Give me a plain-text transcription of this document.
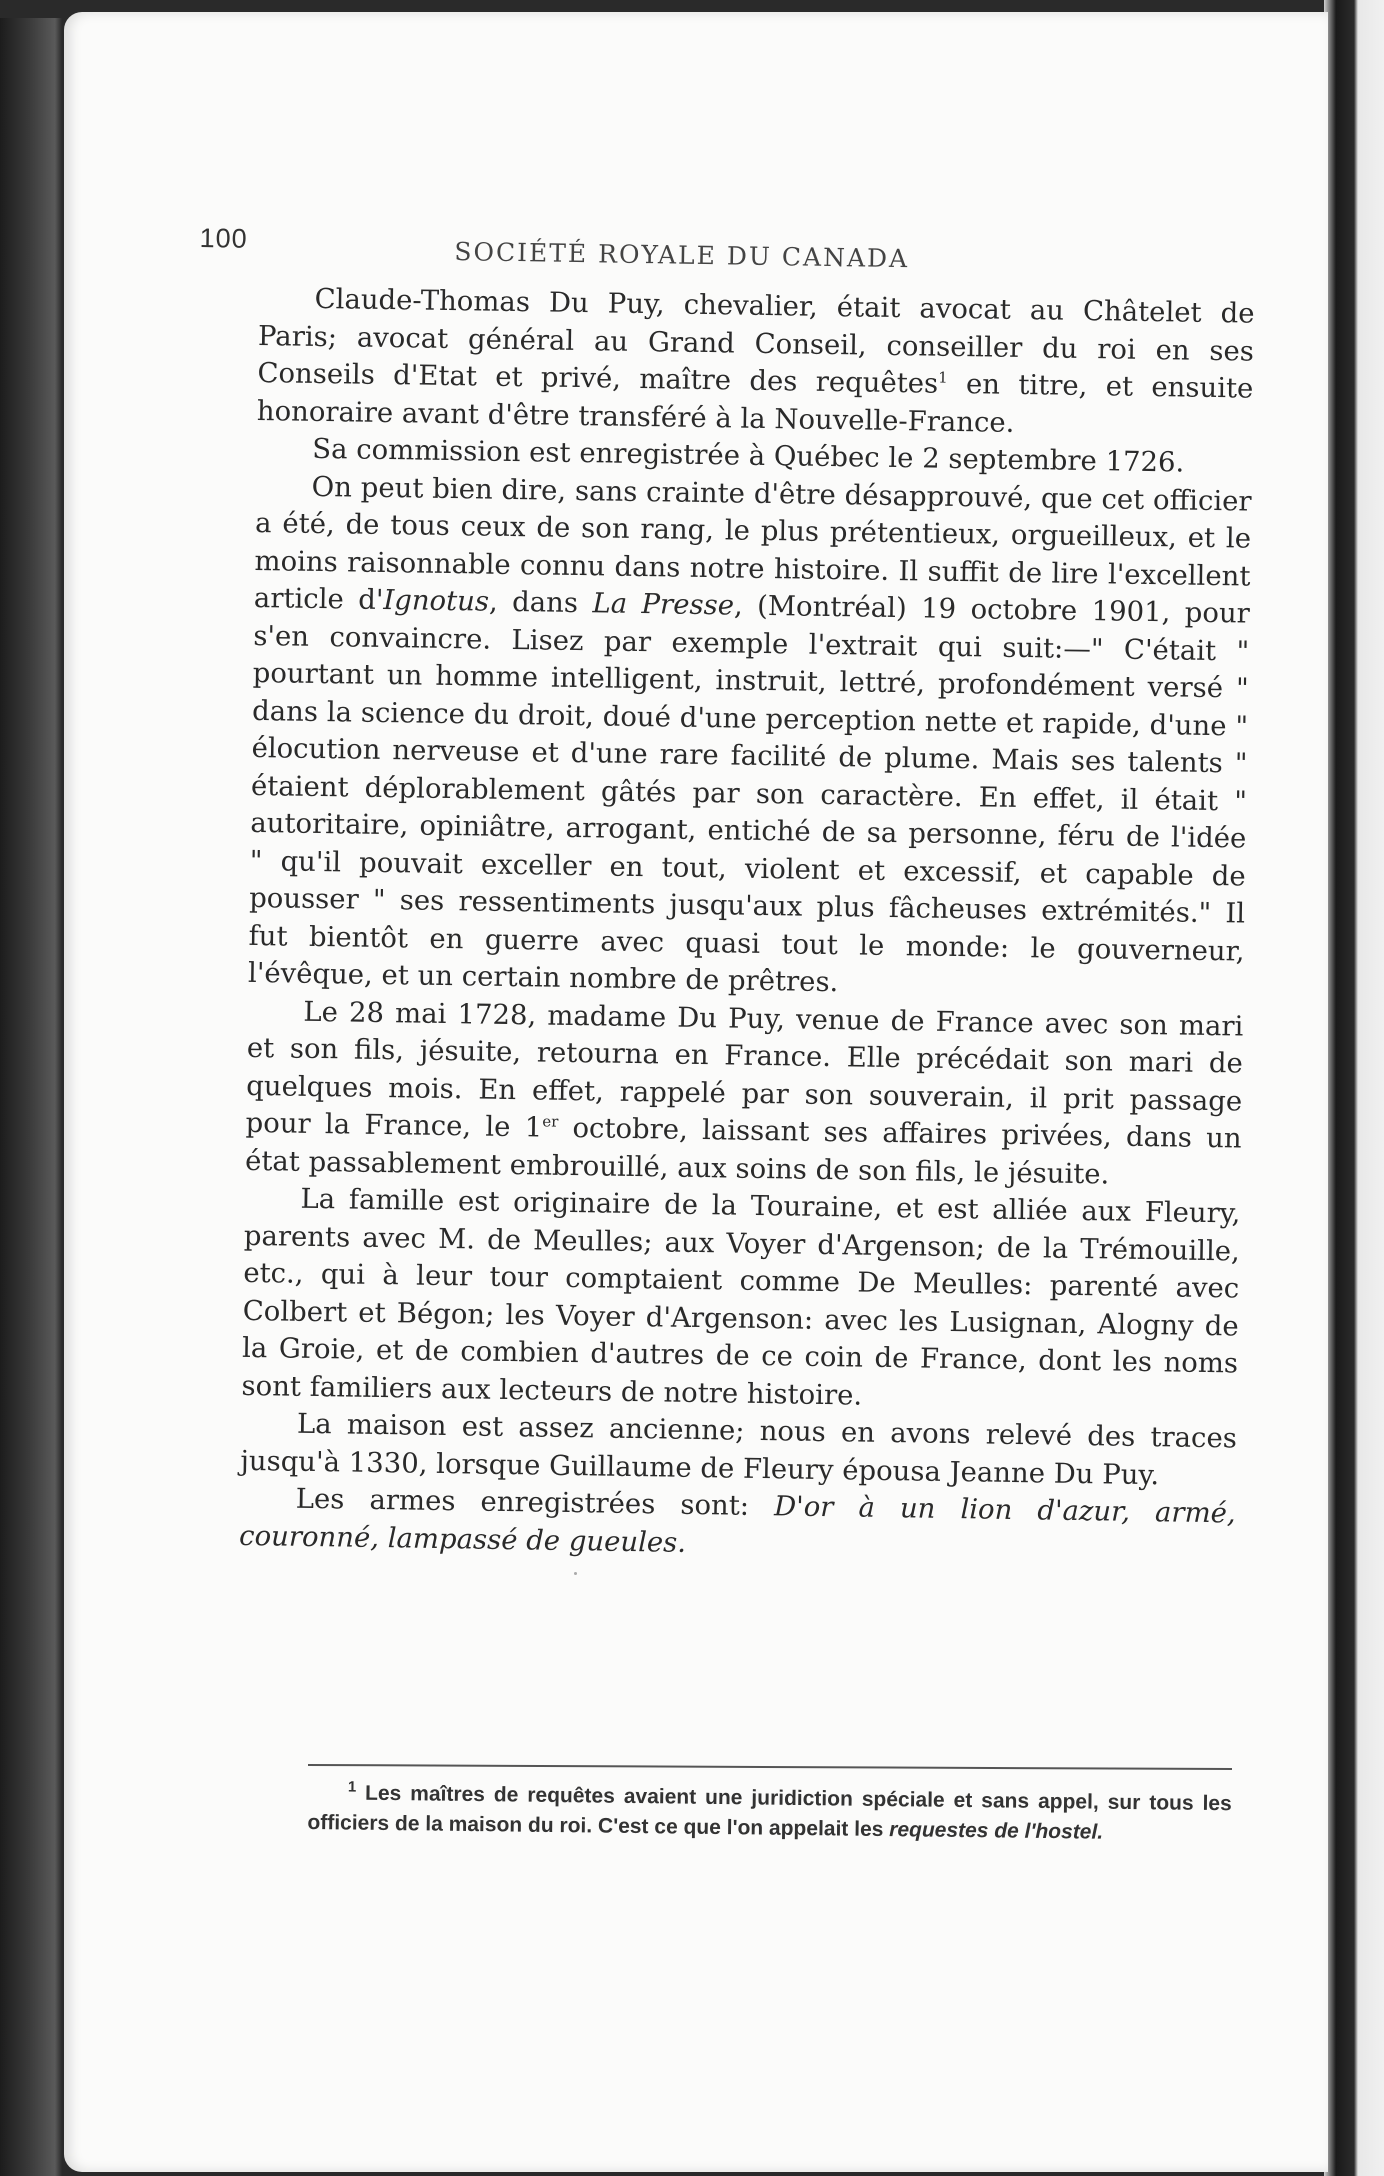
100	SOCIÉTÉ ROYALE DU CANADA

Claude-Thomas Du Puy, chevalier, était avocat au Châtelet de Paris; avocat général au Grand Conseil, conseiller du roi en ses Conseils d'Etat et privé, maître des requêtes$^1$ en titre, et ensuite honoraire avant d'être transféré à la Nouvelle-France.

Sa commission est enregistrée à Québec le 2 septembre 1726.

On peut bien dire, sans crainte d'être désapprouvé, que cet officier a été, de tous ceux de son rang, le plus prétentieux, orgueilleux, et le moins raisonnable connu dans notre histoire. Il suffit de lire l'excellent article d'Ignotus, dans La Presse, (Montréal) 19 octobre 1901, pour s'en convaincre. Lisez par exemple l'extrait qui suit:—" C'était " pourtant un homme intelligent, instruit, lettré, profondément versé " dans la science du droit, doué d'une perception nette et rapide, d'une " élocution nerveuse et d'une rare facilité de plume. Mais ses talents " étaient déplorablement gâtés par son caractère. En effet, il était " autoritaire, opiniâtre, arrogant, entiché de sa personne, féru de l'idée " qu'il pouvait exceller en tout, violent et excessif, et capable de pousser " ses ressentiments jusqu'aux plus fâcheuses extrémités." Il fut bientôt en guerre avec quasi tout le monde: le gouverneur, l'évêque, et un certain nombre de prêtres.

Le 28 mai 1728, madame Du Puy, venue de France avec son mari et son fils, jésuite, retourna en France. Elle précédait son mari de quelques mois. En effet, rappelé par son souverain, il prit passage pour la France, le 1er octobre, laissant ses affaires privées, dans un état passablement embrouillé, aux soins de son fils, le jésuite.

La famille est originaire de la Touraine, et est alliée aux Fleury, parents avec M. de Meulles; aux Voyer d'Argenson; de la Trémouille, etc., qui à leur tour comptaient comme De Meulles: parenté avec Colbert et Bégon; les Voyer d'Argenson: avec les Lusignan, Alogny de la Groie, et de combien d'autres de ce coin de France, dont les noms sont familiers aux lecteurs de notre histoire.

La maison est assez ancienne; nous en avons relevé des traces jusqu'à 1330, lorsque Guillaume de Fleury épousa Jeanne Du Puy.

Les armes enregistrées sont: D'or à un lion d'azur, armé, couronné, lampassé de gueules.

$^1$ Les maîtres de requêtes avaient une juridiction spéciale et sans appel, sur tous les officiers de la maison du roi. C'est ce que l'on appelait les requestes de l'hostel.
